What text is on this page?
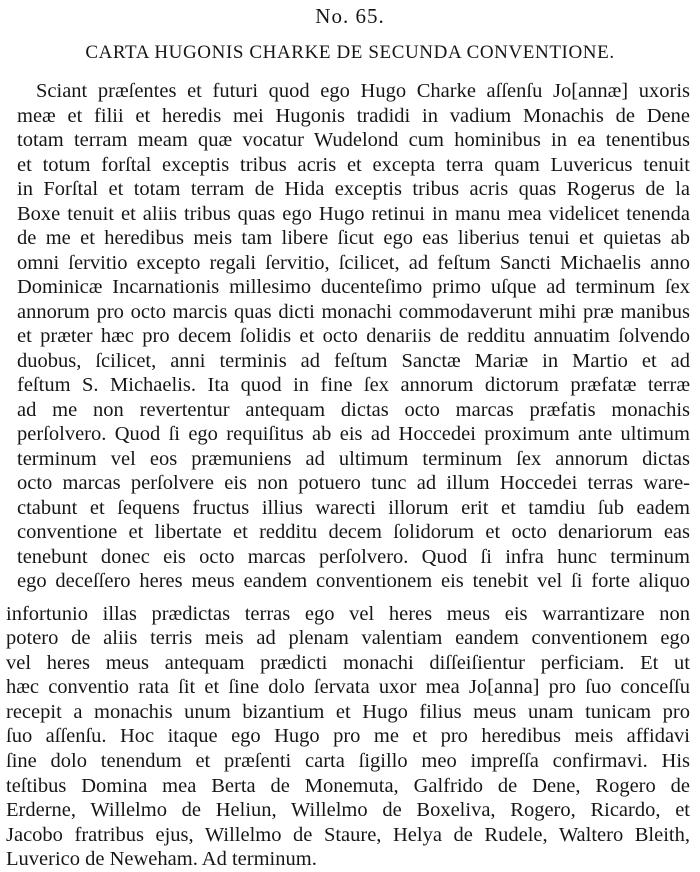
No. 65.
CARTA HUGONIS CHARKE DE SECUNDA CONVENTIONE.
Sciant præſentes et futuri quod ego Hugo Charke aſſenſu Jo[annæ] uxoris
meæ et filii et heredis mei Hugonis tradidi in vadium Monachis de Dene
totam terram meam quæ vocatur Wudelond cum hominibus in ea tenentibus
et totum forſtal exceptis tribus acris et excepta terra quam Luvericus tenuit
in Forſtal et totam terram de Hida exceptis tribus acris quas Rogerus de la
Boxe tenuit et aliis tribus quas ego Hugo retinui in manu mea videlicet tenenda
de me et heredibus meis tam libere ſicut ego eas liberius tenui et quietas ab
omni ſervitio excepto regali ſervitio, ſcilicet, ad feſtum Sancti Michaelis anno
Dominicæ Incarnationis millesimo ducenteſimo primo uſque ad terminum ſex
annorum pro octo marcis quas dicti monachi commodaverunt mihi præ manibus
et præter hæc pro decem ſolidis et octo denariis de redditu annuatim ſolvendo
duobus, ſcilicet, anni terminis ad feſtum Sanctæ Mariæ in Martio et ad
feſtum S. Michaelis. Ita quod in fine ſex annorum dictorum præfatæ terræ
ad me non revertentur antequam dictas octo marcas præfatis monachis
perſolvero. Quod ſi ego requiſitus ab eis ad Hoccedei proximum ante ultimum
terminum vel eos præmuniens ad ultimum terminum ſex annorum dictas
octo marcas perſolvere eis non potuero tunc ad illum Hoccedei terras ware-
ctabunt et ſequens fructus illius warecti illorum erit et tamdiu ſub eadem
conventione et libertate et redditu decem ſolidorum et octo denariorum eas
tenebunt donec eis octo marcas perſolvero. Quod ſi infra hunc terminum
ego deceſſero heres meus eandem conventionem eis tenebit vel ſi forte aliquo
infortunio illas prædictas terras ego vel heres meus eis warrantizare non
potero de aliis terris meis ad plenam valentiam eandem conventionem ego
vel heres meus antequam prædicti monachi diſſeiſientur perficiam. Et ut
hæc conventio rata ſit et ſine dolo ſervata uxor mea Jo[anna] pro ſuo conceſſu
recepit a monachis unum bizantium et Hugo filius meus unam tunicam pro
ſuo aſſenſu. Hoc itaque ego Hugo pro me et pro heredibus meis affidavi
ſine dolo tenendum et præſenti carta ſigillo meo impreſſa confirmavi. His
teſtibus Domina mea Berta de Monemuta, Galfrido de Dene, Rogero de
Erderne, Willelmo de Heliun, Willelmo de Boxeliva, Rogero, Ricardo, et
Jacobo fratribus ejus, Willelmo de Staure, Helya de Rudele, Waltero Bleith,
Luverico de Neweham. Ad terminum.
